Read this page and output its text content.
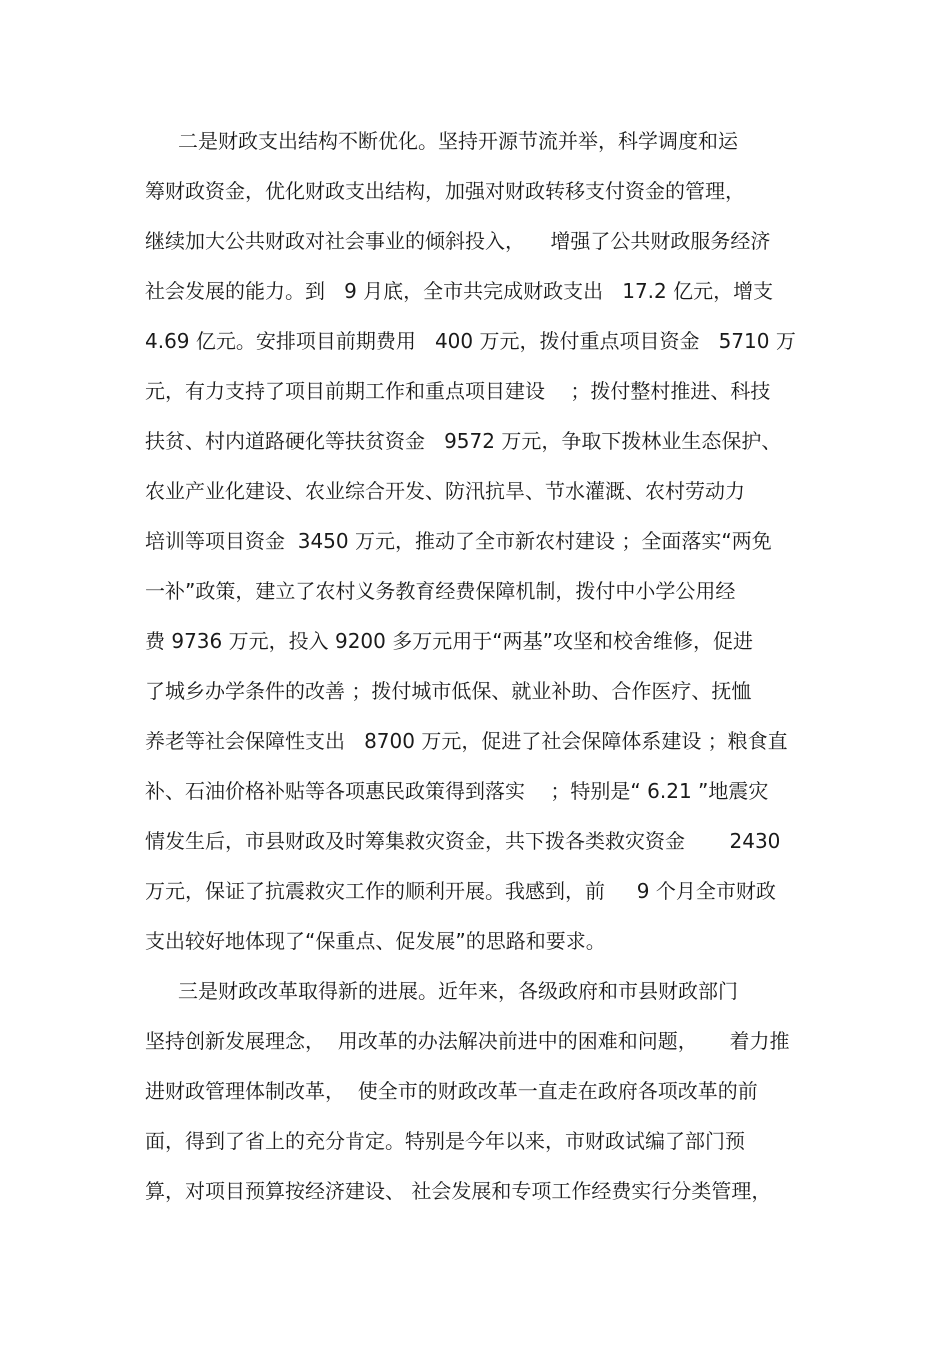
二是财政支出结构不断优化。坚持开源节流并举，科学调度和运
筹财政资金，优化财政支出结构，加强对财政转移支付资金的管理，
继续加大公共财政对社会事业的倾斜投入，    增强了公共财政服务经济
社会发展的能力。到   9 月底，全市共完成财政支出   17.2 亿元，增支
4.69 亿元。安排项目前期费用   400 万元，拨付重点项目资金   5710 万
元，有力支持了项目前期工作和重点项目建设    ；拨付整村推进、科技
扶贫、村内道路硬化等扶贫资金   9572 万元，争取下拨林业生态保护、
农业产业化建设、农业综合开发、防汛抗旱、节水灌溉、农村劳动力
培训等项目资金  3450 万元，推动了全市新农村建设 ；全面落实“两免
一补”政策，建立了农村义务教育经费保障机制，拨付中小学公用经
费 9736 万元，投入 9200 多万元用于“两基”攻坚和校舍维修，促进
了城乡办学条件的改善 ；拨付城市低保、就业补助、合作医疗、抚恤
养老等社会保障性支出   8700 万元，促进了社会保障体系建设 ；粮食直
补、石油价格补贴等各项惠民政策得到落实    ；特别是“ 6.21 ”地震灾
情发生后，市县财政及时筹集救灾资金，共下拨各类救灾资金       2430
万元，保证了抗震救灾工作的顺利开展。我感到，前     9 个月全市财政
支出较好地体现了“保重点、促发展”的思路和要求。
三是财政改革取得新的进展。近年来，各级政府和市县财政部门
坚持创新发展理念，  用改革的办法解决前进中的困难和问题，     着力推
进财政管理体制改革，  使全市的财政改革一直走在政府各项改革的前
面，得到了省上的充分肯定。特别是今年以来，市财政试编了部门预
算，对项目预算按经济建设、 社会发展和专项工作经费实行分类管理，
